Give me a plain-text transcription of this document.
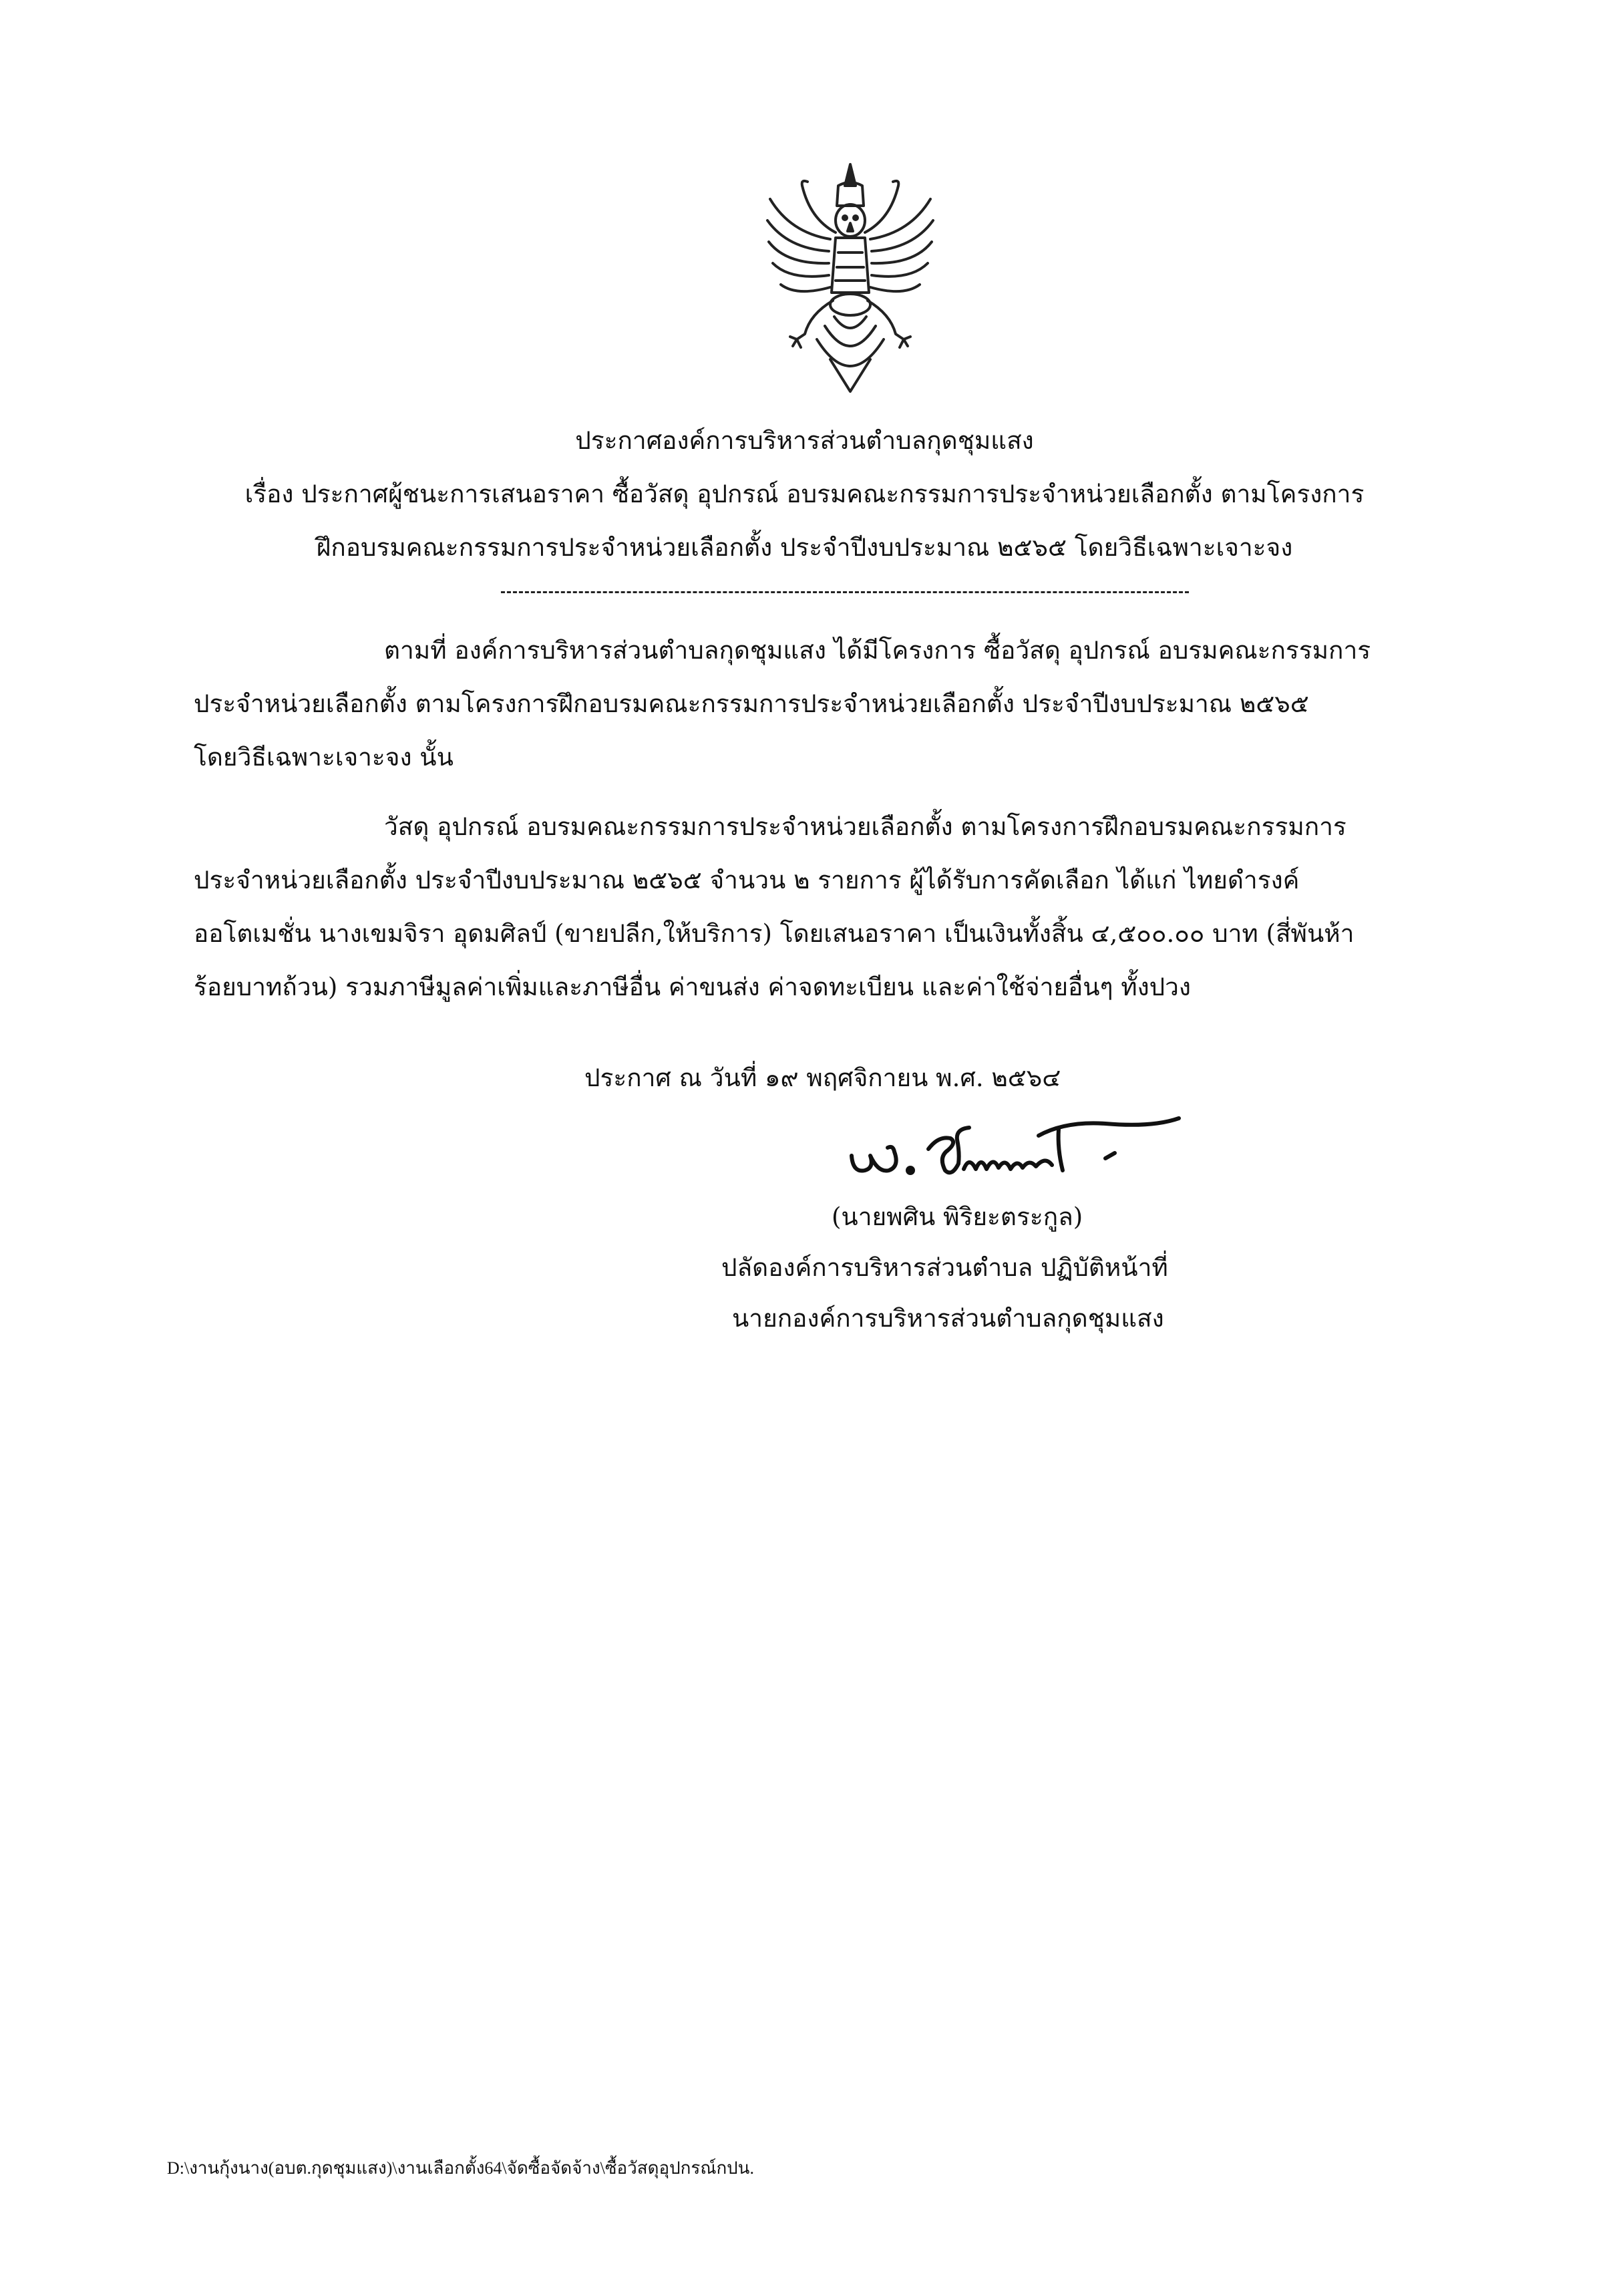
ประกาศองค์การบริหารส่วนตำบลกุดชุมแสง
เรื่อง ประกาศผู้ชนะการเสนอราคา ซื้อวัสดุ อุปกรณ์ อบรมคณะกรรมการประจำหน่วยเลือกตั้ง ตามโครงการ
ฝึกอบรมคณะกรรมการประจำหน่วยเลือกตั้ง ประจำปีงบประมาณ ๒๕๖๕ โดยวิธีเฉพาะเจาะจง
ตามที่ องค์การบริหารส่วนตำบลกุดชุมแสง ได้มีโครงการ ซื้อวัสดุ อุปกรณ์ อบรมคณะกรรมการ
ประจำหน่วยเลือกตั้ง ตามโครงการฝึกอบรมคณะกรรมการประจำหน่วยเลือกตั้ง ประจำปีงบประมาณ ๒๕๖๕
โดยวิธีเฉพาะเจาะจง นั้น
วัสดุ อุปกรณ์ อบรมคณะกรรมการประจำหน่วยเลือกตั้ง ตามโครงการฝึกอบรมคณะกรรมการ
ประจำหน่วยเลือกตั้ง ประจำปีงบประมาณ ๒๕๖๕ จำนวน ๒ รายการ ผู้ได้รับการคัดเลือก ได้แก่ ไทยดำรงค์
ออโตเมชั่น นางเขมจิรา อุดมศิลป์ (ขายปลีก,ให้บริการ) โดยเสนอราคา เป็นเงินทั้งสิ้น ๔,๕๐๐.๐๐ บาท (สี่พันห้า
ร้อยบาทถ้วน) รวมภาษีมูลค่าเพิ่มและภาษีอื่น ค่าขนส่ง ค่าจดทะเบียน และค่าใช้จ่ายอื่นๆ ทั้งปวง
ประกาศ ณ วันที่ ๑๙ พฤศจิกายน พ.ศ. ๒๕๖๔
(นายพศิน พิริยะตระกูล)
ปลัดองค์การบริหารส่วนตำบล ปฏิบัติหน้าที่
นายกองค์การบริหารส่วนตำบลกุดชุมแสง
D:\งานกุ้งนาง(อบต.กุดชุมแสง)\งานเลือกตั้ง64\จัดซื้อจัดจ้าง\ซื้อวัสดุอุปกรณ์กปน.
